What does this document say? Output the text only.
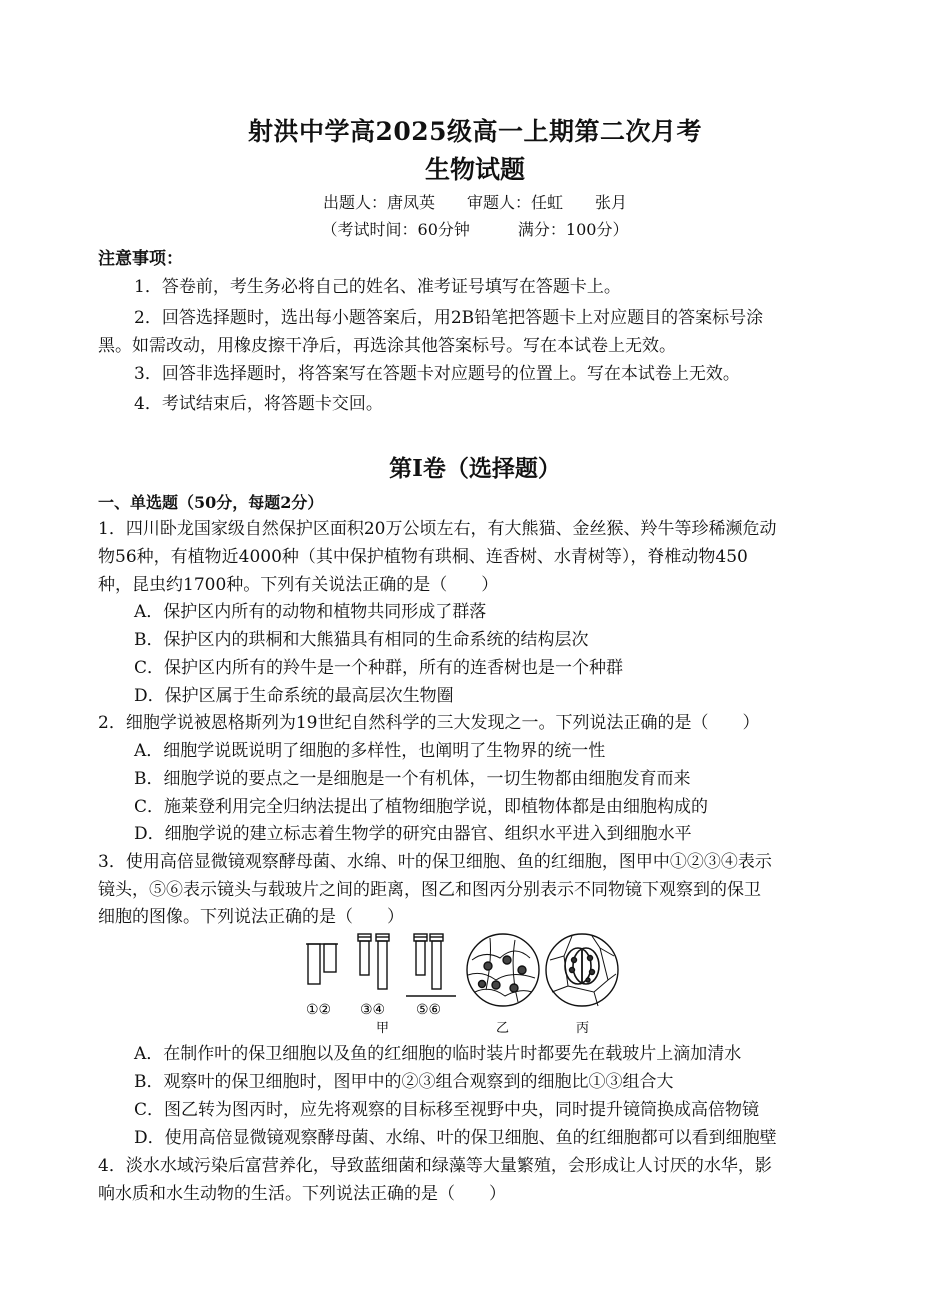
射洪中学高2025级高一上期第二次月考
生物试题
出题人：唐凤英　　审题人：任虹　　张月
（考试时间：60分钟　　　满分：100分）
注意事项：
1．答卷前，考生务必将自己的姓名、准考证号填写在答题卡上。
2．回答选择题时，选出每小题答案后，用2B铅笔把答题卡上对应题目的答案标号涂
黑。如需改动，用橡皮擦干净后，再选涂其他答案标号。写在本试卷上无效。
3．回答非选择题时，将答案写在答题卡对应题号的位置上。写在本试卷上无效。
4．考试结束后，将答题卡交回。
第I卷（选择题）
一、单选题（50分，每题2分）
1．四川卧龙国家级自然保护区面积20万公顷左右，有大熊猫、金丝猴、羚牛等珍稀濒危动
物56种，有植物近4000种（其中保护植物有珙桐、连香树、水青树等），脊椎动物450
种，昆虫约1700种。下列有关说法正确的是（　　）
A．保护区内所有的动物和植物共同形成了群落
B．保护区内的珙桐和大熊猫具有相同的生命系统的结构层次
C．保护区内所有的羚牛是一个种群，所有的连香树也是一个种群
D．保护区属于生命系统的最高层次生物圈
2．细胞学说被恩格斯列为19世纪自然科学的三大发现之一。下列说法正确的是（　　）
A．细胞学说既说明了细胞的多样性，也阐明了生物界的统一性
B．细胞学说的要点之一是细胞是一个有机体，一切生物都由细胞发育而来
C．施莱登利用完全归纳法提出了植物细胞学说，即植物体都是由细胞构成的
D．细胞学说的建立标志着生物学的研究由器官、组织水平进入到细胞水平
3．使用高倍显微镜观察酵母菌、水绵、叶的保卫细胞、鱼的红细胞，图甲中①②③④表示
镜头，⑤⑥表示镜头与载玻片之间的距离，图乙和图丙分别表示不同物镜下观察到的保卫
细胞的图像。下列说法正确的是（　　）
①② ③④ ⑤⑥
甲	乙	丙
A．在制作叶的保卫细胞以及鱼的红细胞的临时装片时都要先在载玻片上滴加清水
B．观察叶的保卫细胞时，图甲中的②③组合观察到的细胞比①③组合大
C．图乙转为图丙时，应先将观察的目标移至视野中央，同时提升镜筒换成高倍物镜
D．使用高倍显微镜观察酵母菌、水绵、叶的保卫细胞、鱼的红细胞都可以看到细胞壁
4．淡水水域污染后富营养化，导致蓝细菌和绿藻等大量繁殖，会形成让人讨厌的水华，影
响水质和水生动物的生活。下列说法正确的是（　　）
